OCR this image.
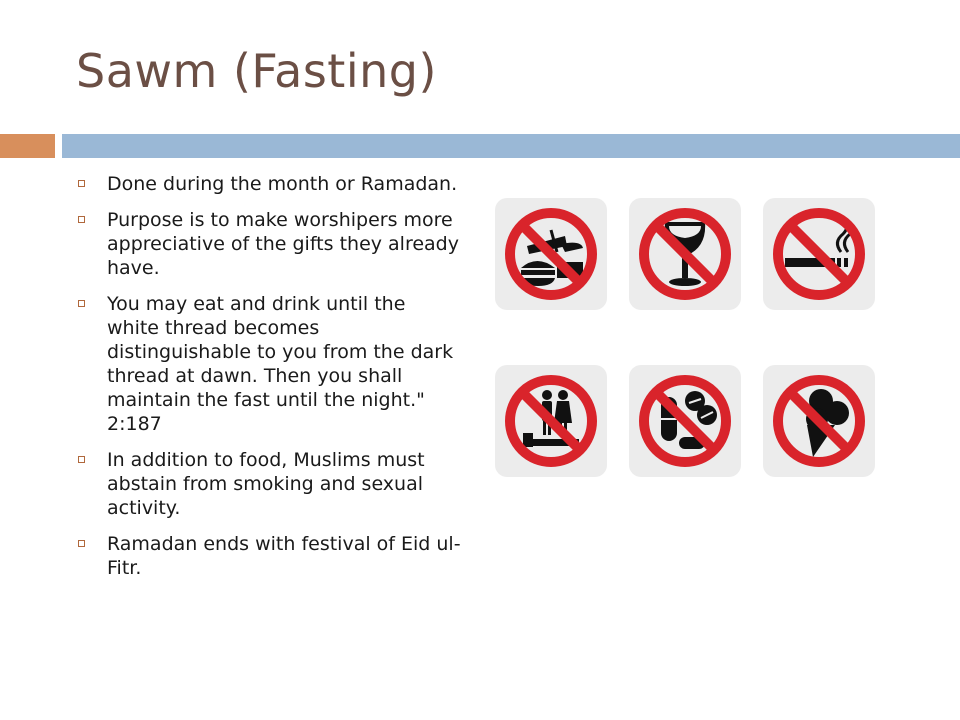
Sawm (Fasting)
Done during the month or Ramadan.
Purpose is to make worshipers more appreciative of the gifts they already have.
You may eat and drink until the white thread becomes distinguishable to you from the dark thread at dawn. Then you shall maintain the fast until the night." 2:187
In addition to food, Muslims must abstain from smoking and sexual activity.
Ramadan ends with festival of Eid ul-Fitr.
